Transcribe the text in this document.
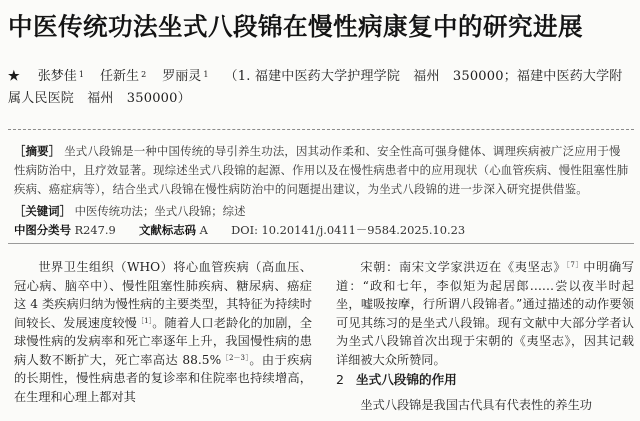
中医传统功法坐式八段锦在慢性病康复中的研究进展
★ 张梦佳 $^1$ 任新生 $^2$ 罗丽灵 $^1$ （1. 福建中医药大学护理学院　福州　350000；福建中医药大学附属人民医院　福州　350000）
［摘要］ 坐式八段锦是一种中国传统的导引养生功法，因其动作柔和、安全性高可强身健体、调理疾病被广泛应用于慢性病防治中，且疗效显著。现综述坐式八段锦的起源、作用以及在慢性病患者中的应用现状（心血管疾病、慢性阻塞性肺疾病、癌症病等），结合坐式八段锦在慢性病防治中的问题提出建议，为坐式八段锦的进一步深入研究提供借鉴。
［关键词］ 中医传统功法；坐式八段锦；综述
中图分类号 R247.9 文献标志码 A DOI: 10.20141/j.0411－9584.2025.10.23

世界卫生组织（WHO）将心血管疾病（高血压、冠心病、脑卒中）、慢性阻塞性肺疾病、糖尿病、癌症这 4 类疾病归纳为慢性病的主要类型，其特征为持续时间较长、发展速度较慢$^{[1]}$。随着人口老龄化的加剧，全球慢性病的发病率和死亡率逐年上升，我国慢性病的患病人数不断扩大，死亡率高达 88.5%$^{[2-3]}$。由于疾病的长期性，慢性病患者的复诊率和住院率也持续增高，在生理和心理上都对其

宋朝：南宋文学家洪迈在《夷坚志》$^{[7]}$中明确写道：“政和七年，李似矩为起居郎……尝以夜半时起坐，嘘吸按摩，行所谓八段锦者。”通过描述的动作要领可见其练习的是坐式八段锦。现有文献中大部分学者认为坐式八段锦首次出现于宋朝的《夷坚志》，因其记载详细被大众所赞同。

2 坐式八段锦的作用

坐式八段锦是我国古代具有代表性的养生功
